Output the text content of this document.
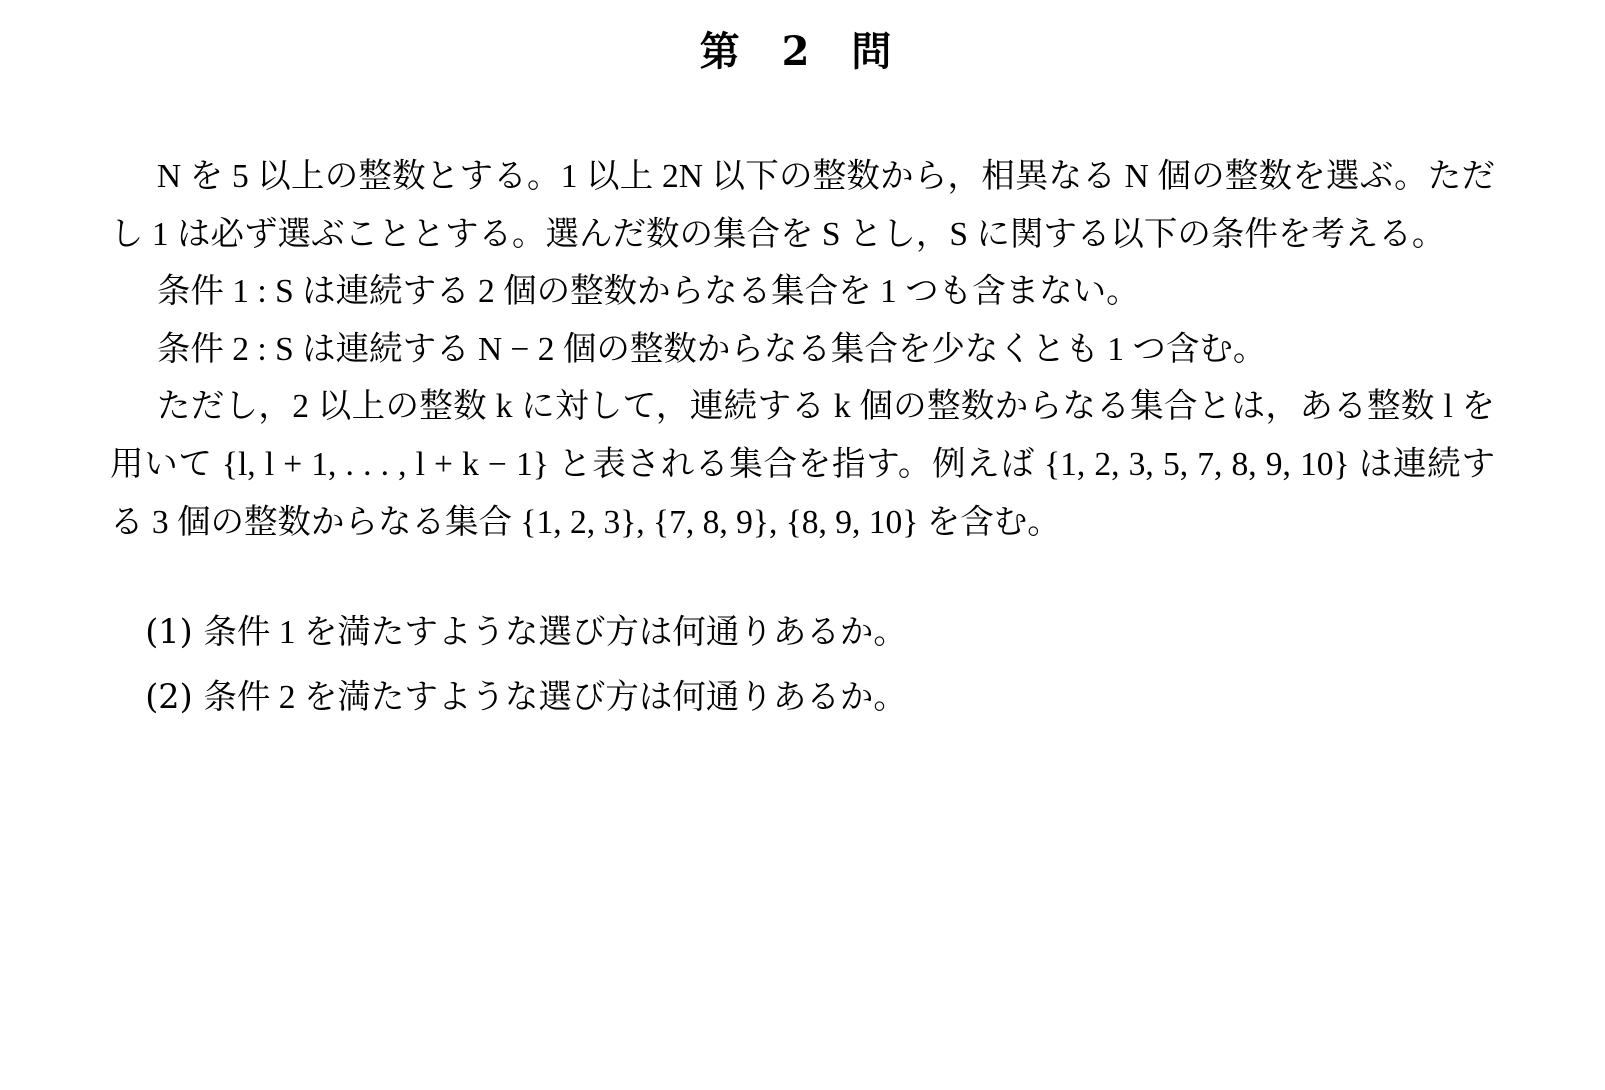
第 2 問

N を 5 以上の整数とする。1 以上 2N 以下の整数から，相異なる N 個の整数を選ぶ。ただし 1 は必ず選ぶこととする。選んだ数の集合を S とし，S に関する以下の条件を考える。

条件 1 : S は連続する 2 個の整数からなる集合を 1 つも含まない。

条件 2 : S は連続する N − 2 個の整数からなる集合を少なくとも 1 つ含む。

ただし，2 以上の整数 k に対して，連続する k 個の整数からなる集合とは，ある整数 l を用いて {l, l + 1, . . . , l + k − 1} と表される集合を指す。例えば {1, 2, 3, 5, 7, 8, 9, 10} は連続する 3 個の整数からなる集合 {1, 2, 3}, {7, 8, 9}, {8, 9, 10} を含む。

(1) 条件 1 を満たすような選び方は何通りあるか。

(2) 条件 2 を満たすような選び方は何通りあるか。
